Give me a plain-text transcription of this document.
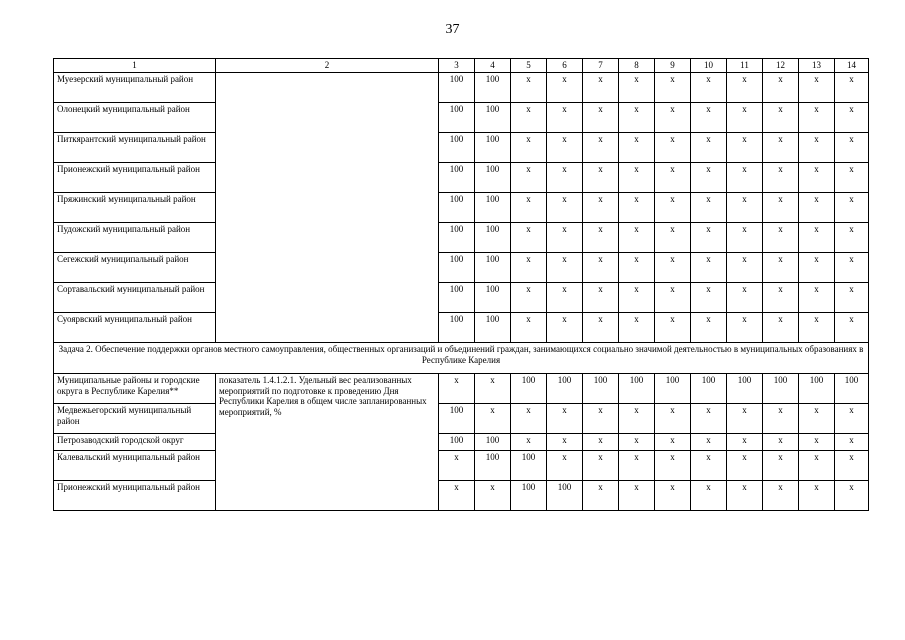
37
1	2	3	4	5	6	7	8	9	10	11	12	13	14
Муезерский муниципальный район		100	100	x	x	x	x	x	x	x	x	x	x
Олонецкий муниципальный район		100	100	x	x	x	x	x	x	x	x	x	x
Питкярантский муниципальный район		100	100	x	x	x	x	x	x	x	x	x	x
Прионежский муниципальный район		100	100	x	x	x	x	x	x	x	x	x	x
Пряжинский муниципальный район		100	100	x	x	x	x	x	x	x	x	x	x
Пудожский муниципальный район		100	100	x	x	x	x	x	x	x	x	x	x
Сегежский муниципальный район		100	100	x	x	x	x	x	x	x	x	x	x
Сортавальский муниципальный район		100	100	x	x	x	x	x	x	x	x	x	x
Суоярвский муниципальный район		100	100	x	x	x	x	x	x	x	x	x	x
Задача 2. Обеспечение поддержки органов местного самоуправления, общественных организаций и объединений граждан, занимающихся социально значимой деятельностью в муниципальных образованиях в Республике Карелия													
Муниципальные районы и городские округа в Республике Карелия**	показатель 1.4.1.2.1. Удельный вес реализованных мероприятий по подготовке к проведению Дня Республики Карелия в общем числе запланированных мероприятий, %	x	x	100	100	100	100	100	100	100	100	100	100
Медвежьегорский муниципальный район		100	x	x	x	x	x	x	x	x	x	x	x
Петрозаводский городской округ		100	100	x	x	x	x	x	x	x	x	x	x
Калевальский муниципальный район		x	100	100	x	x	x	x	x	x	x	x	x
Прионежский муниципальный район		x	x	100	100	x	x	x	x	x	x	x	x
